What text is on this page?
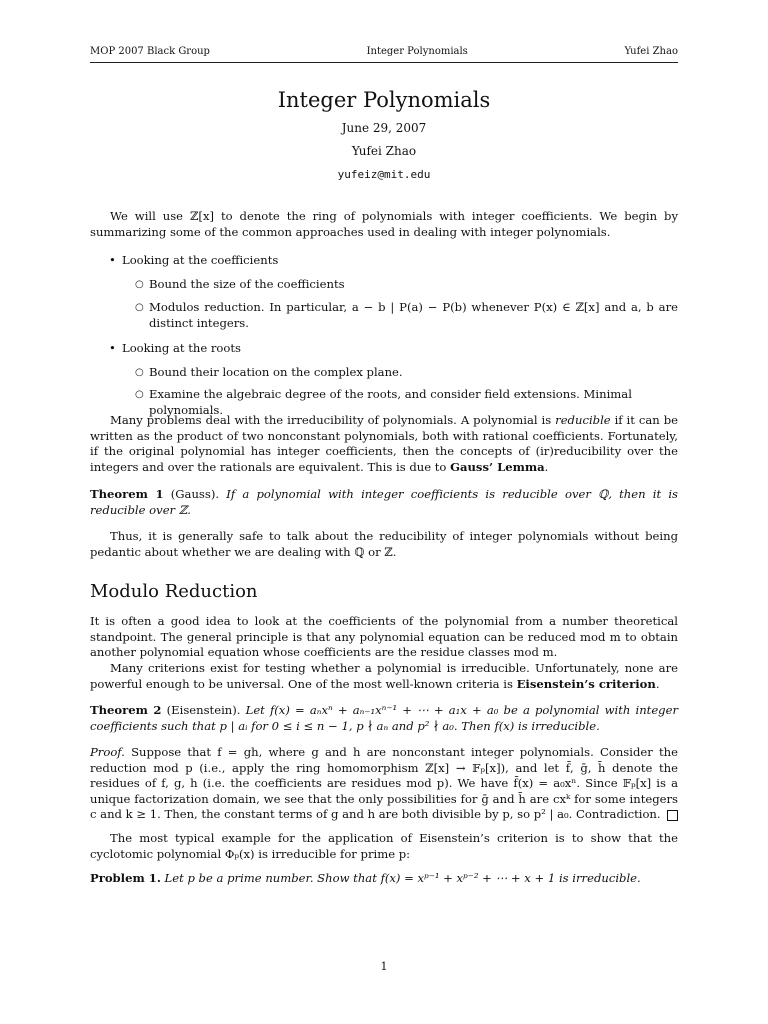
MOP 2007 Black Group	Integer Polynomials	Yufei Zhao
Integer Polynomials
June 29, 2007
Yufei Zhao
yufeiz@mit.edu

We will use ℤ[x] to denote the ring of polynomials with integer coefficients. We begin by summarizing some of the common approaches used in dealing with integer polynomials.

• Looking at the coefficients
○ Bound the size of the coefficients
○ Modulos reduction. In particular, a − b | P(a) − P(b) whenever P(x) ∈ ℤ[x] and a, b are distinct integers.
• Looking at the roots
○ Bound their location on the complex plane.
○ Examine the algebraic degree of the roots, and consider field extensions. Minimal polynomials.

Many problems deal with the irreducibility of polynomials. A polynomial is reducible if it can be written as the product of two nonconstant polynomials, both with rational coefficients. Fortunately, if the original polynomial has integer coefficients, then the concepts of (ir)reducibility over the integers and over the rationals are equivalent. This is due to Gauss’ Lemma.

Theorem 1 (Gauss). If a polynomial with integer coefficients is reducible over ℚ, then it is reducible over ℤ.

Thus, it is generally safe to talk about the reducibility of integer polynomials without being pedantic about whether we are dealing with ℚ or ℤ.

Modulo Reduction

It is often a good idea to look at the coefficients of the polynomial from a number theoretical standpoint. The general principle is that any polynomial equation can be reduced mod m to obtain another polynomial equation whose coefficients are the residue classes mod m.

Many criterions exist for testing whether a polynomial is irreducible. Unfortunately, none are powerful enough to be universal. One of the most well-known criteria is Eisenstein’s criterion.

Theorem 2 (Eisenstein). Let f(x) = aₙxⁿ + aₙ₋₁xⁿ⁻¹ + ⋯ + a₁x + a₀ be a polynomial with integer coefficients such that p | aᵢ for 0 ≤ i ≤ n − 1, p ∤ aₙ and p² ∤ a₀. Then f(x) is irreducible.

Proof. Suppose that f = gh, where g and h are nonconstant integer polynomials. Consider the reduction mod p (i.e., apply the ring homomorphism ℤ[x] → 𝔽ₚ[x]), and let f̄, ḡ, h̄ denote the residues of f, g, h (i.e. the coefficients are residues mod p). We have f̄(x) = a₀xⁿ. Since 𝔽ₚ[x] is a unique factorization domain, we see that the only possibilities for ḡ and h̄ are cxᵏ for some integers c and k ≥ 1. Then, the constant terms of g and h are both divisible by p, so p² | a₀. Contradiction.

The most typical example for the application of Eisenstein’s criterion is to show that the cyclotomic polynomial Φₚ(x) is irreducible for prime p:

Problem 1. Let p be a prime number. Show that f(x) = xᵖ⁻¹ + xᵖ⁻² + ⋯ + x + 1 is irreducible.

1
